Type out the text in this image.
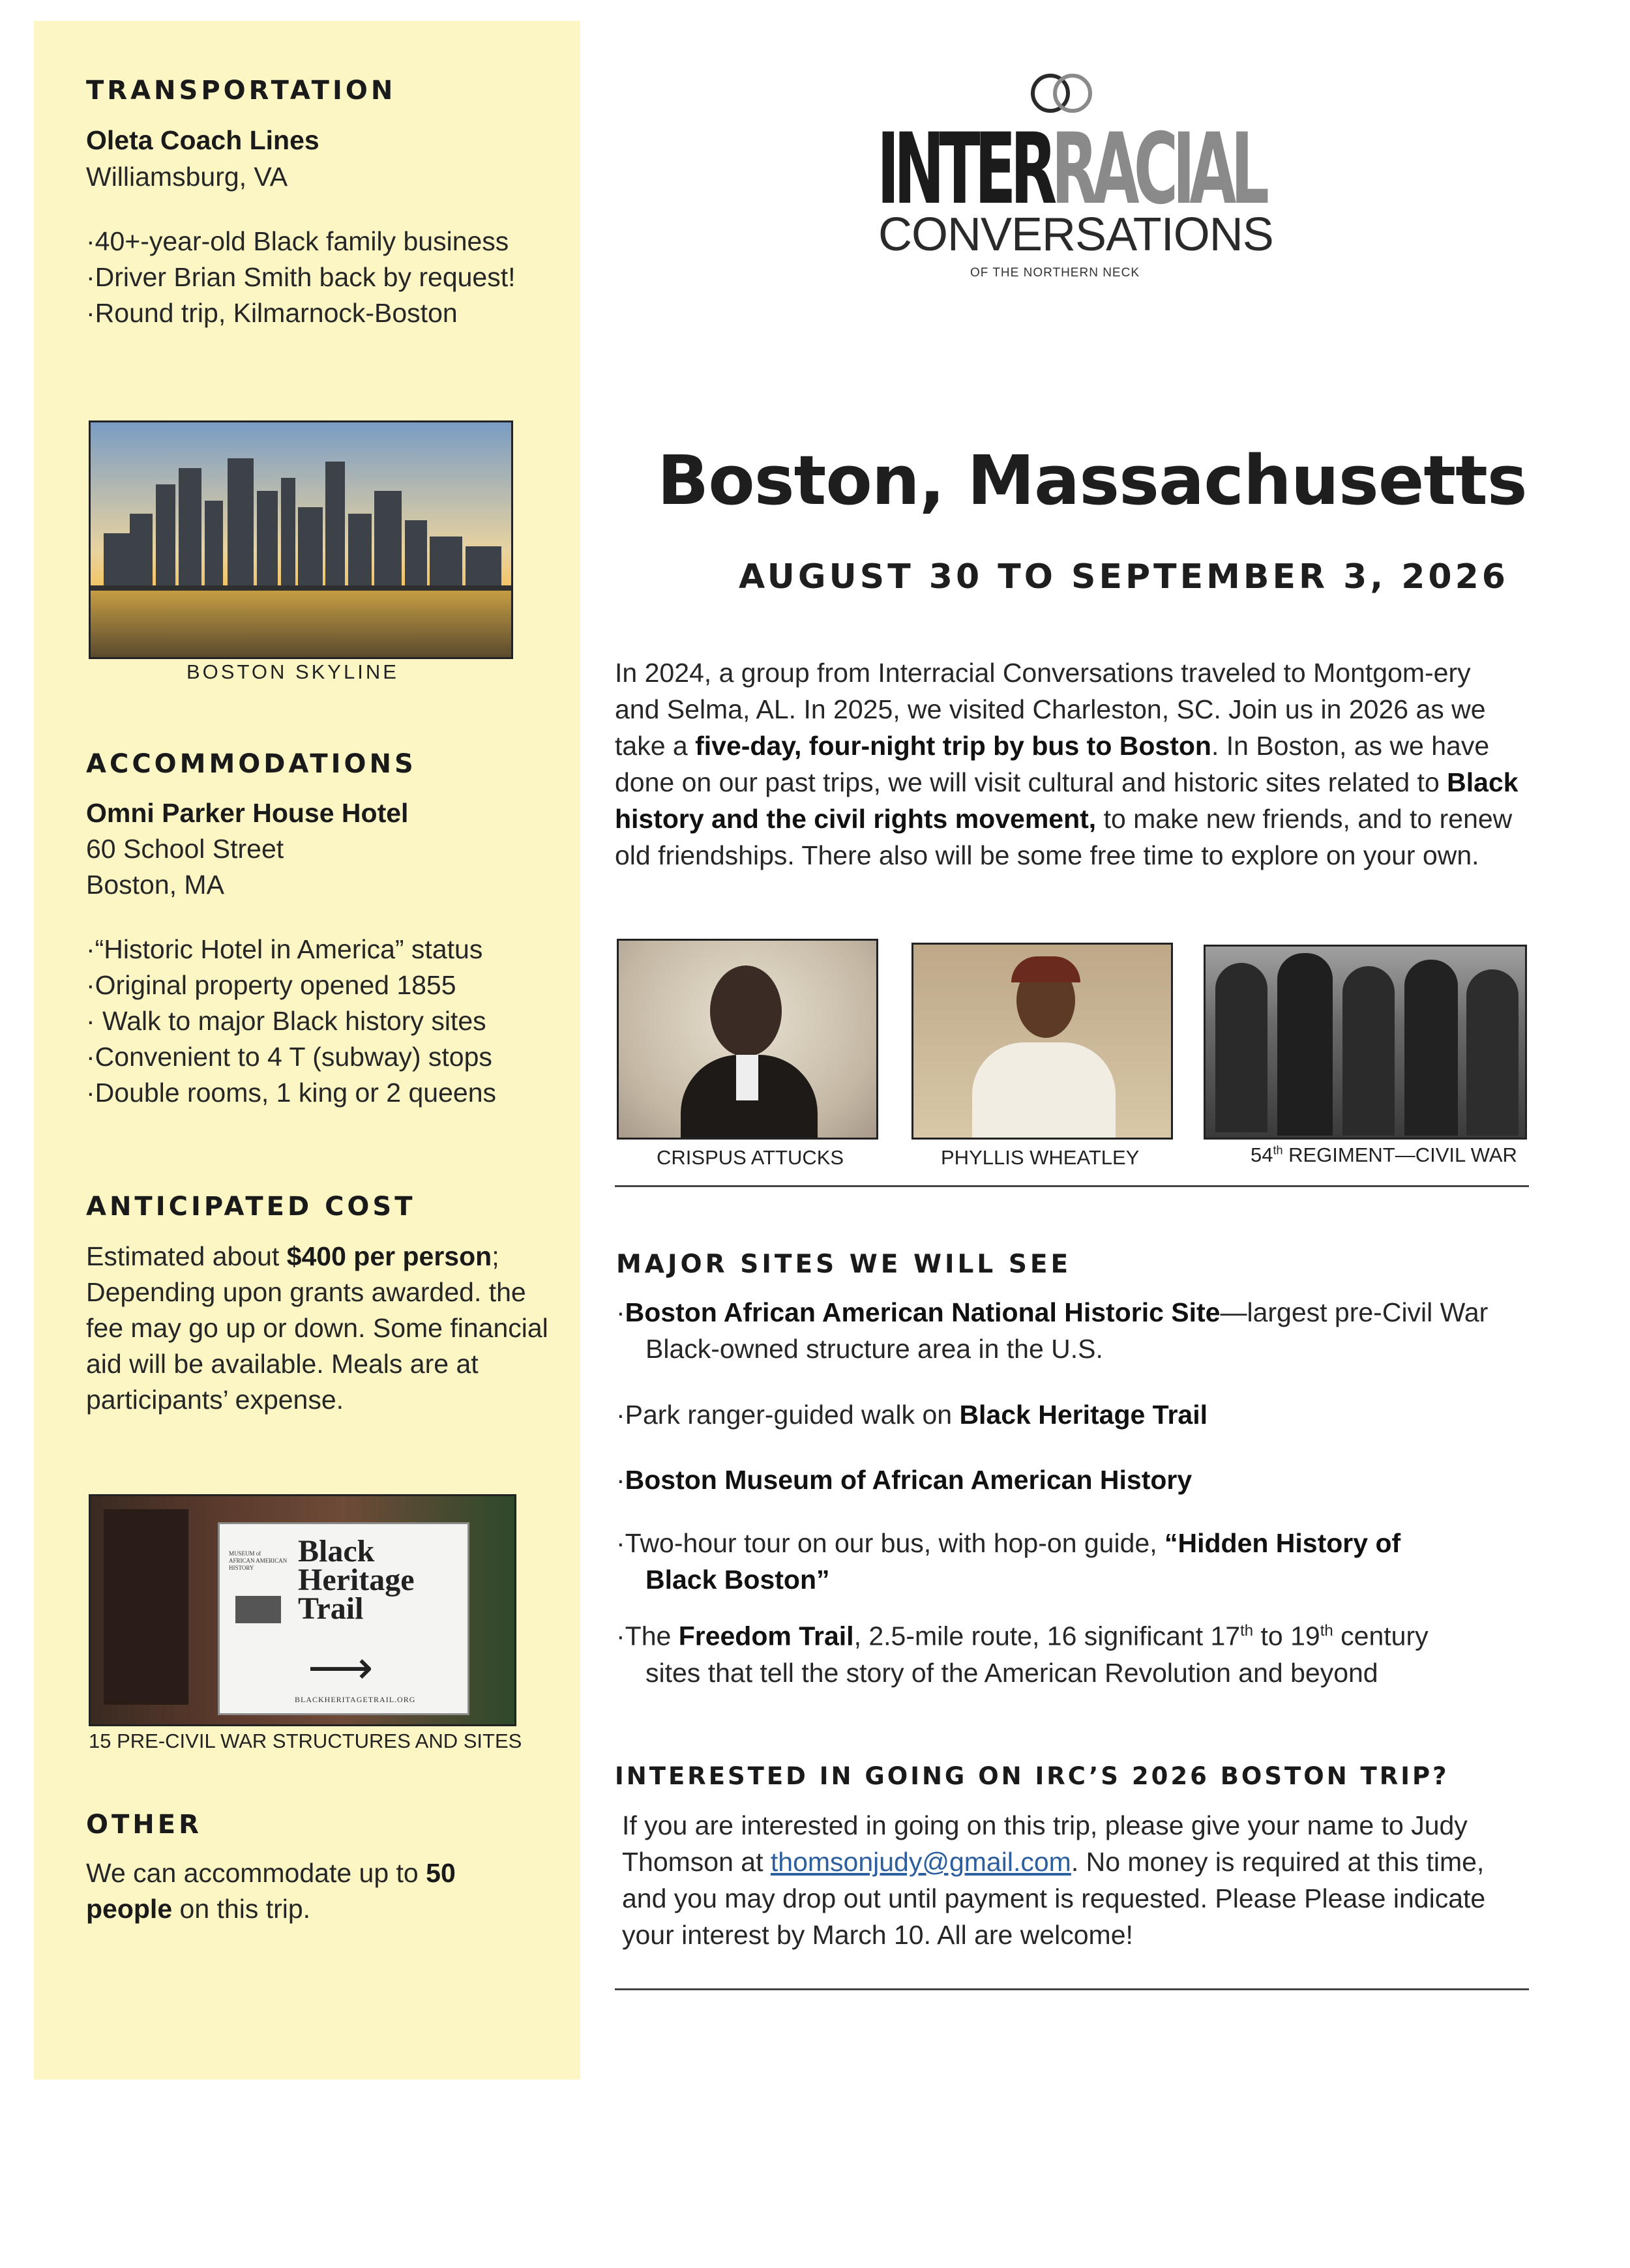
TRANSPORTATION
Oleta Coach Lines
Williamsburg, VA
·40+-year-old Black family business
·Driver Brian Smith back by request!
·Round trip, Kilmarnock-Boston
BOSTON SKYLINE
ACCOMMODATIONS
Omni Parker House Hotel
60 School Street
Boston, MA
·“Historic Hotel in America” status
·Original property opened 1855
· Walk to major Black history sites
·Convenient to 4 T (subway) stops
·Double rooms, 1 king or 2 queens
ANTICIPATED COST
Estimated about $400 per person; Depending upon grants awarded. the fee may go up or down. Some financial aid will be available. Meals are at participants’ expense.
MUSEUM of AFRICAN AMERICAN HISTORY	Black
Heritage
Trail
⟶
BLACKHERITAGETRAIL.ORG
15 PRE-CIVIL WAR STRUCTURES AND SITES
OTHER
We can accommodate up to 50 people on this trip.
INTERRACIAL
CONVERSATIONS
OF THE NORTHERN NECK
Boston, Massachusetts
AUGUST 30 TO SEPTEMBER 3, 2026
In 2024, a group from Interracial Conversations traveled to Montgom-ery and Selma, AL. In 2025, we visited Charleston, SC. Join us in 2026 as we take a five-day, four-night trip by bus to Boston. In Boston, as we have done on our past trips, we will visit cultural and historic sites related to Black history and the civil rights movement, to make new friends, and to renew old friendships. There also will be some free time to explore on your own.
CRISPUS ATTUCKS	PHYLLIS WHEATLEY	54th REGIMENT—CIVIL WAR
MAJOR SITES WE WILL SEE
·Boston African American National Historic Site—largest pre-Civil War Black-owned structure area in the U.S.
·Park ranger-guided walk on Black Heritage Trail
·Boston Museum of African American History
·Two-hour tour on our bus, with hop-on guide, “Hidden History of Black Boston”
·The Freedom Trail, 2.5-mile route, 16 significant 17th to 19th century sites that tell the story of the American Revolution and beyond
INTERESTED IN GOING ON IRC’S 2026 BOSTON TRIP?
If you are interested in going on this trip, please give your name to Judy Thomson at thomsonjudy@gmail.com. No money is required at this time, and you may drop out until payment is requested. Please Please indicate your interest by March 10. All are welcome!
